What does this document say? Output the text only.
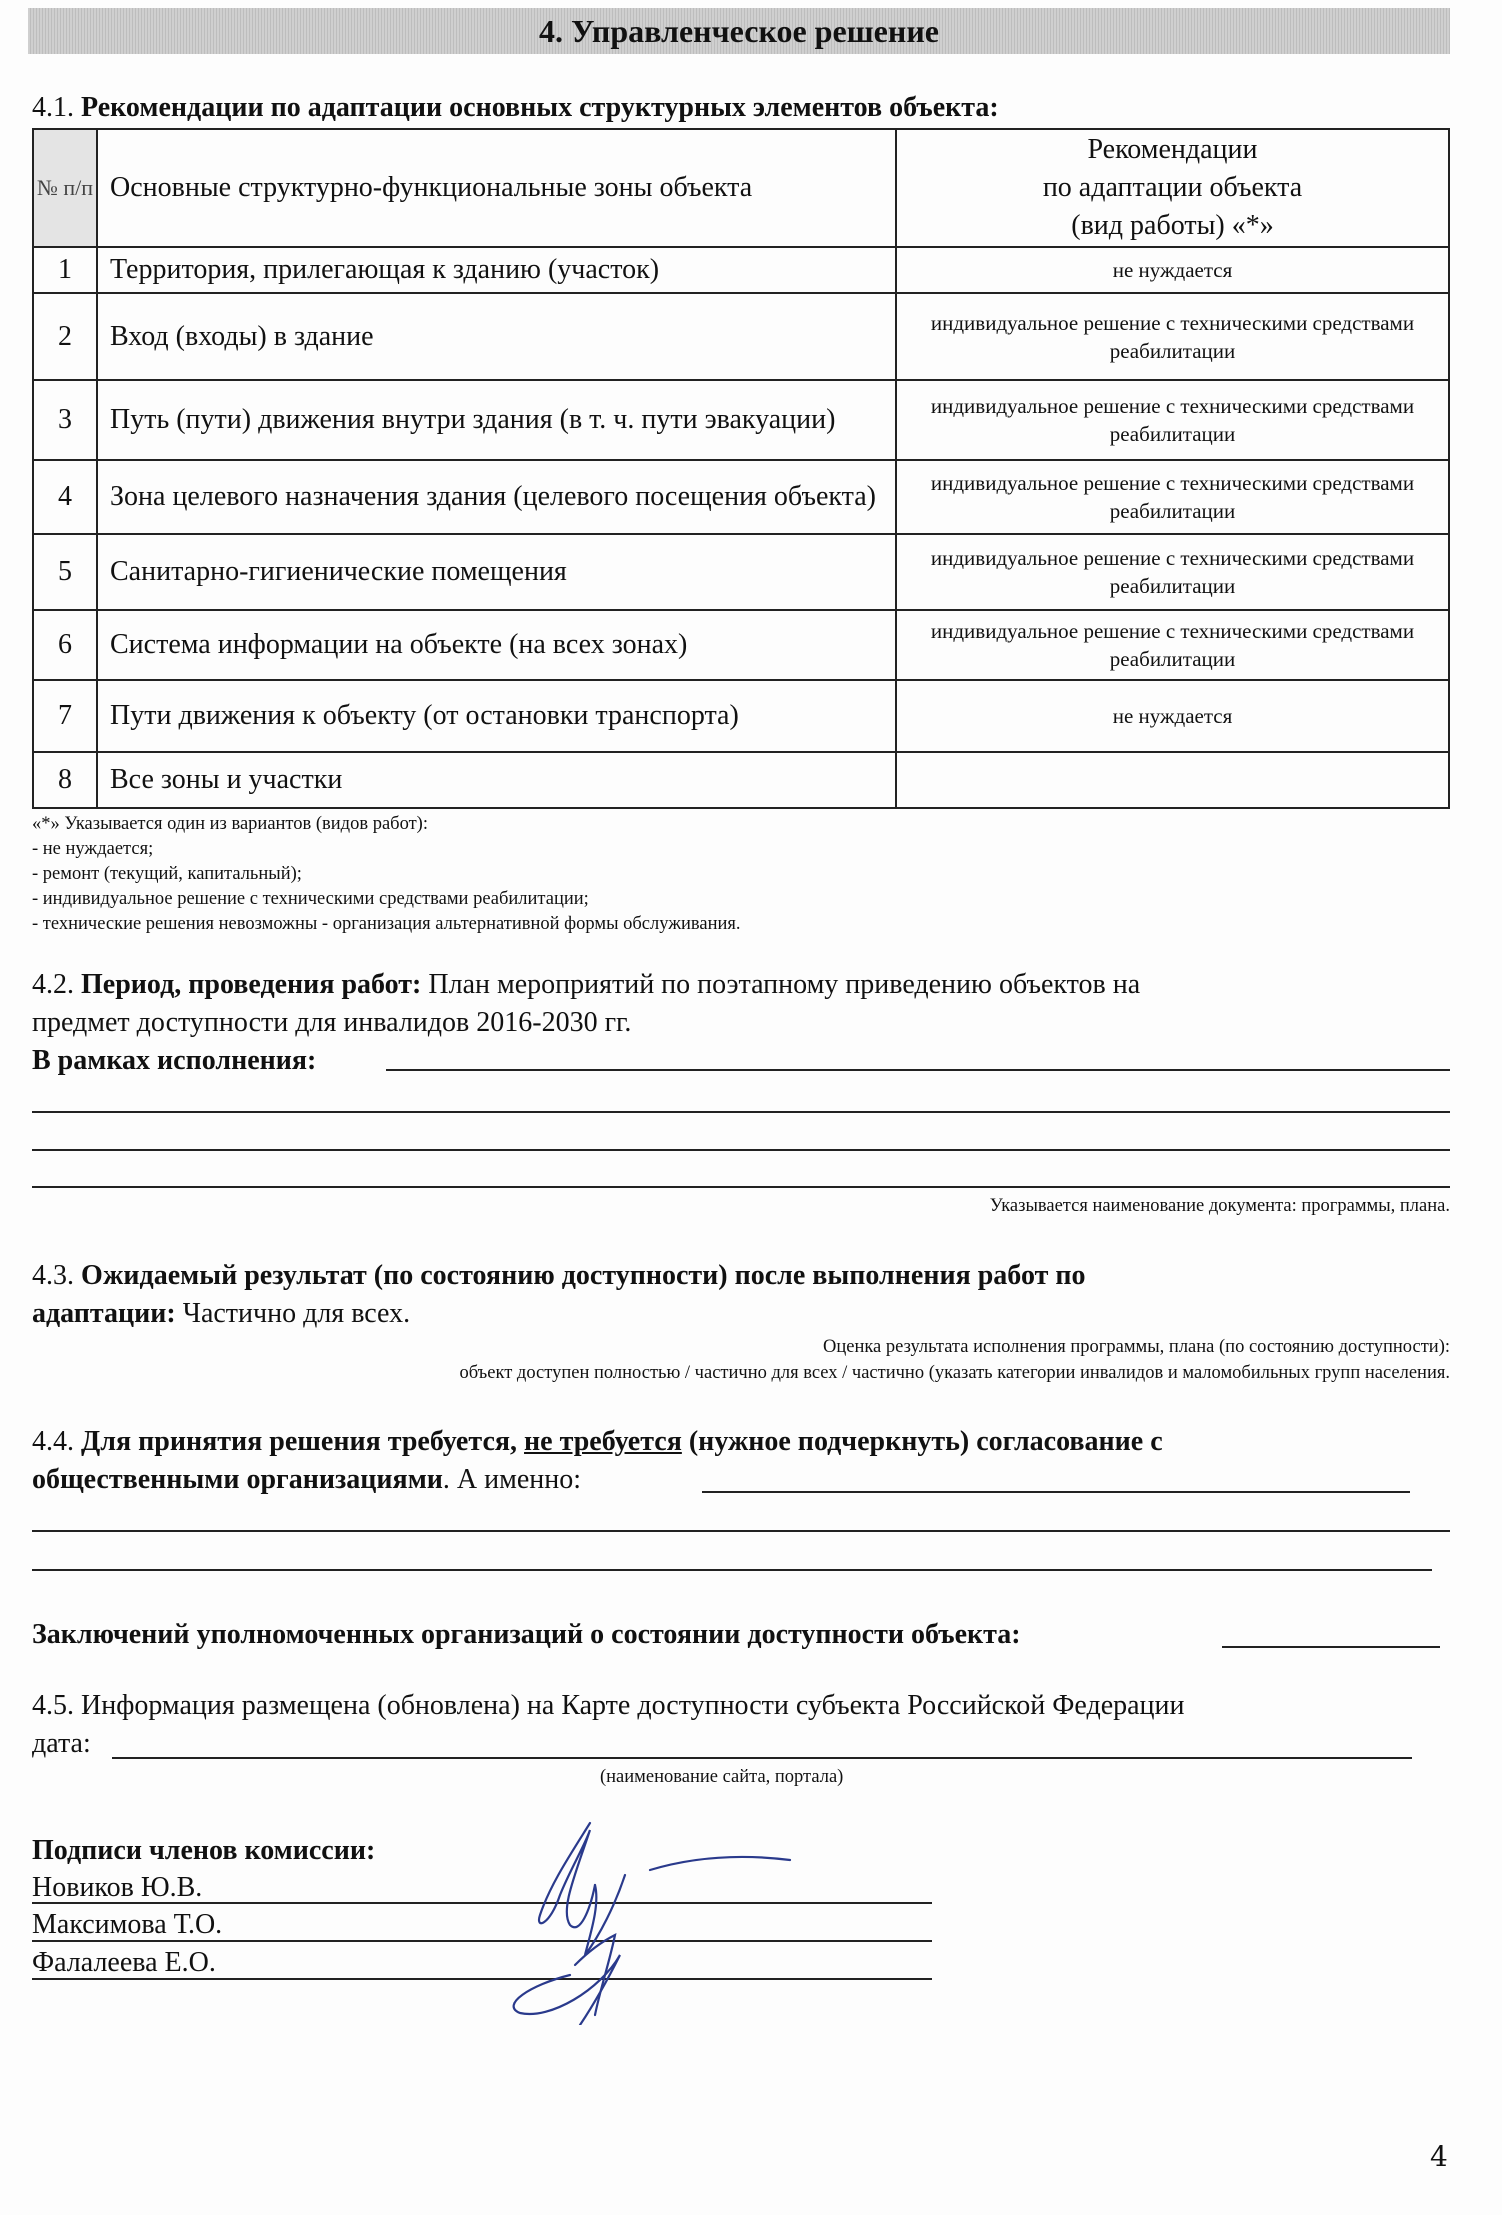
4. Управленческое решение
4.1. Рекомендации по адаптации основных структурных элементов объекта:
№ п/п	Основные структурно-функциональные зоны объекта	Рекомендации
по адаптации объекта
(вид работы) «*»

1	Территория, прилегающая к зданию (участок)	не нуждается
2	Вход (входы) в здание	индивидуальное решение с техническими средствами реабилитации
3	Путь (пути) движения внутри здания (в т. ч. пути эвакуации)	индивидуальное решение с техническими средствами реабилитации
4	Зона целевого назначения здания (целевого посещения объекта)	индивидуальное решение с техническими средствами реабилитации
5	Санитарно-гигиенические помещения	индивидуальное решение с техническими средствами реабилитации
6	Система информации на объекте (на всех зонах)	индивидуальное решение с техническими средствами реабилитации
7	Пути движения к объекту (от остановки транспорта)	не нуждается
8	Все зоны и участки	
«*» Указывается один из вариантов (видов работ):
- не нуждается;
- ремонт (текущий, капитальный);
- индивидуальное решение с техническими средствами реабилитации;
- технические решения невозможны - организация альтернативной формы обслуживания.
4.2. Период, проведения работ: План мероприятий по поэтапному приведению объектов на
предмет доступности для инвалидов 2016-2030 гг.
В рамках исполнения:
Указывается наименование документа: программы, плана.
4.3. Ожидаемый результат (по состоянию доступности) после выполнения работ по
адаптации: Частично для всех.
Оценка результата исполнения программы, плана (по состоянию доступности):
объект доступен полностью / частично для всех / частично (указать категории инвалидов и маломобильных групп населения.
4.4. Для принятия решения требуется, не требуется (нужное подчеркнуть) согласование с
общественными организациями. А именно:
Заключений уполномоченных организаций о состоянии доступности объекта:
4.5. Информация размещена (обновлена) на Карте доступности субъекта Российской Федерации
дата:
(наименование сайта, портала)
Подписи членов комиссии:
Новиков Ю.В.
Максимова Т.О.
Фалалеева Е.О.
4
